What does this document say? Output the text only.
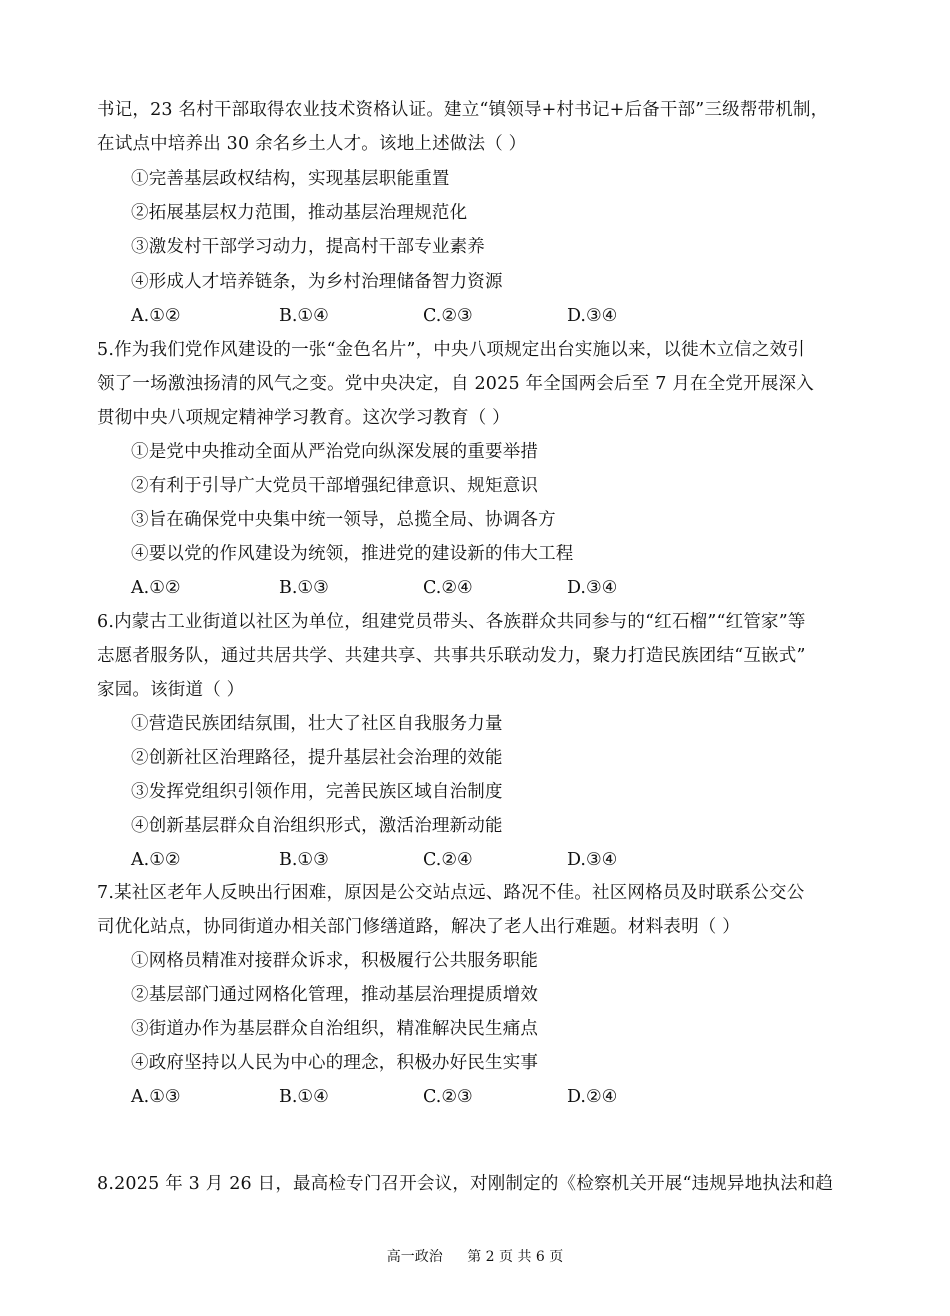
书记，23 名村干部取得农业技术资格认证。建立“镇领导+村书记+后备干部”三级帮带机制，
在试点中培养出 30 余名乡土人才。该地上述做法（ ）
①完善基层政权结构，实现基层职能重置
②拓展基层权力范围，推动基层治理规范化
③激发村干部学习动力，提高村干部专业素养
④形成人才培养链条，为乡村治理储备智力资源
A.①②	B.①④	C.②③	D.③④
5.作为我们党作风建设的一张“金色名片”，中央八项规定出台实施以来，以徙木立信之效引
领了一场激浊扬清的风气之变。党中央决定，自 2025 年全国两会后至 7 月在全党开展深入
贯彻中央八项规定精神学习教育。这次学习教育（ ）
①是党中央推动全面从严治党向纵深发展的重要举措
②有利于引导广大党员干部增强纪律意识、规矩意识
③旨在确保党中央集中统一领导，总揽全局、协调各方
④要以党的作风建设为统领，推进党的建设新的伟大工程
A.①②	B.①③	C.②④	D.③④
6.内蒙古工业街道以社区为单位，组建党员带头、各族群众共同参与的“红石榴”“红管家”等
志愿者服务队，通过共居共学、共建共享、共事共乐联动发力，聚力打造民族团结“互嵌式”
家园。该街道（ ）
①营造民族团结氛围，壮大了社区自我服务力量
②创新社区治理路径，提升基层社会治理的效能
③发挥党组织引领作用，完善民族区域自治制度
④创新基层群众自治组织形式，激活治理新动能
A.①②	B.①③	C.②④	D.③④
7.某社区老年人反映出行困难，原因是公交站点远、路况不佳。社区网格员及时联系公交公
司优化站点，协同街道办相关部门修缮道路，解决了老人出行难题。材料表明（ ）
①网格员精准对接群众诉求，积极履行公共服务职能
②基层部门通过网格化管理，推动基层治理提质增效
③街道办作为基层群众自治组织，精准解决民生痛点
④政府坚持以人民为中心的理念，积极办好民生实事
A.①③	B.①④	C.②③	D.②④
8.2025 年 3 月 26 日，最高检专门召开会议，对刚制定的《检察机关开展“违规异地执法和趋
高一政治 第 2 页 共 6 页
